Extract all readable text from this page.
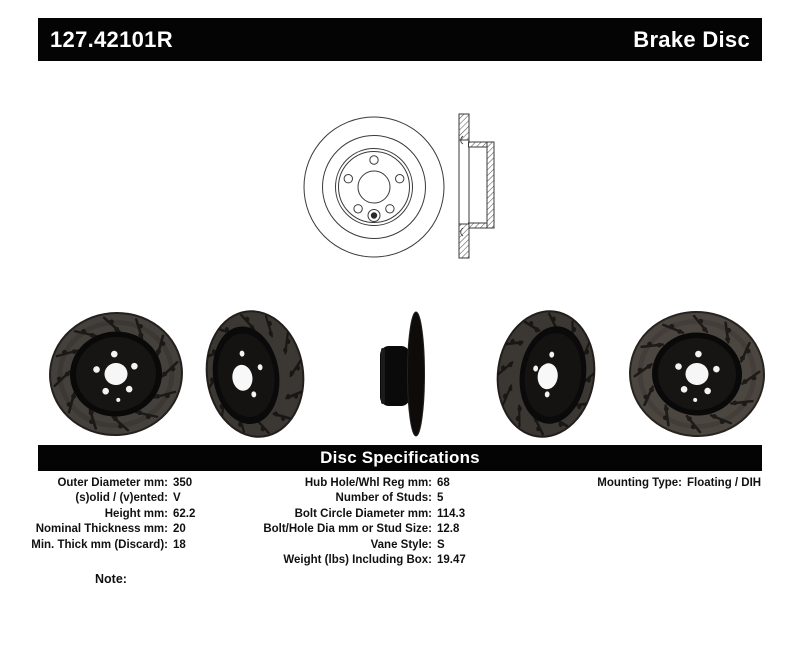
127.42101R	Brake Disc
Disc Specifications
Outer Diameter mm: 350
(s)olid / (v)ented: V
Height mm: 62.2
Nominal Thickness mm: 20
Min. Thick mm (Discard): 18
Hub Hole/Whl Reg mm: 68
Number of Studs: 5
Bolt Circle Diameter mm: 114.3
Bolt/Hole Dia mm or Stud Size: 12.8
Vane Style: S
Weight (lbs) Including Box: 19.47
Mounting Type: Floating / DIH
Note:
